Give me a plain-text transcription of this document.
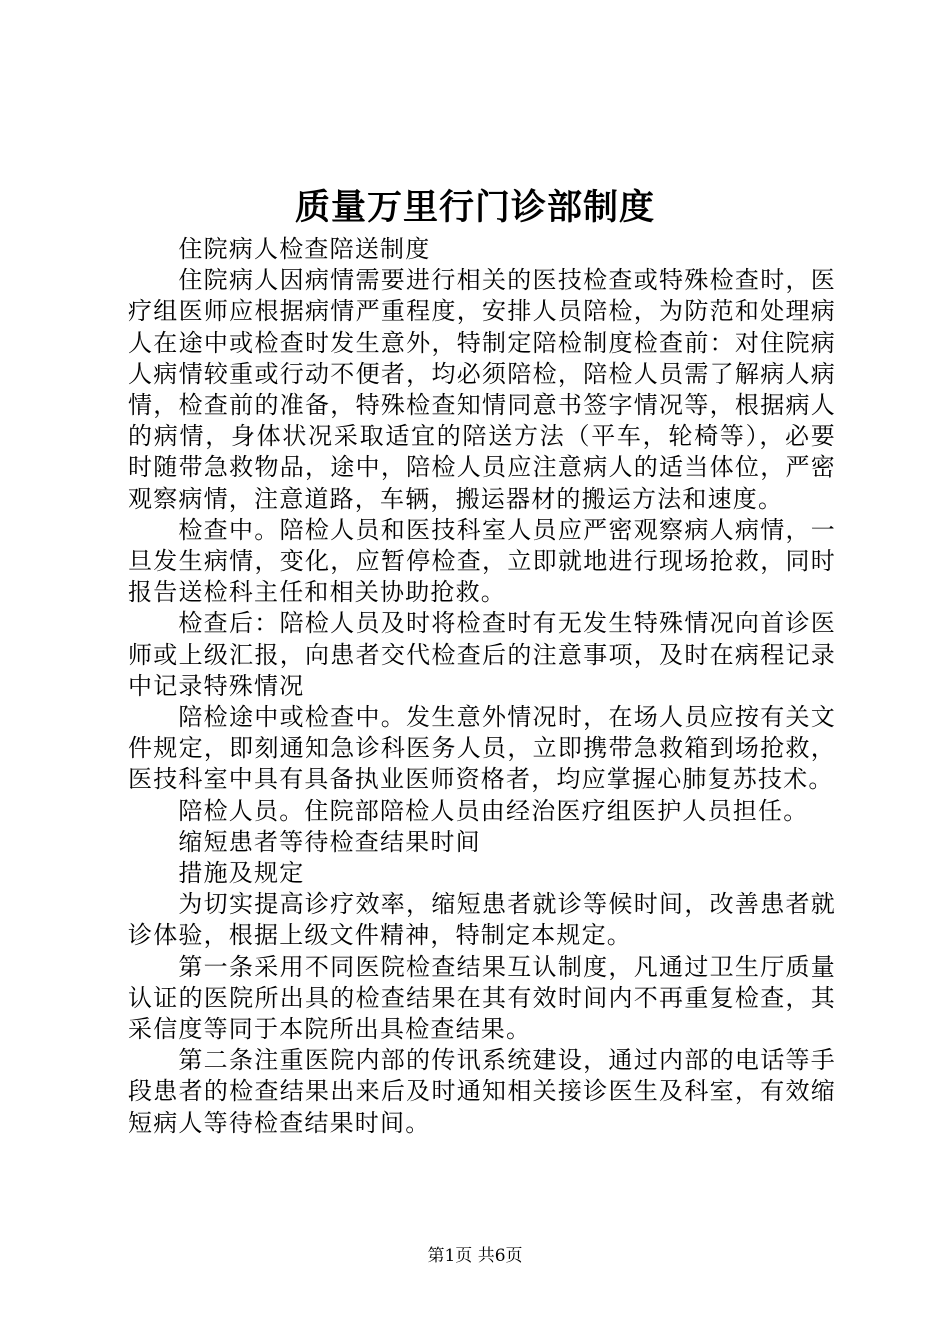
质量万里行门诊部制度

住院病人检查陪送制度

住院病人因病情需要进行相关的医技检查或特殊检查时，医疗组医师应根据病情严重程度，安排人员陪检，为防范和处理病人在途中或检查时发生意外，特制定陪检制度检查前：对住院病人病情较重或行动不便者，均必须陪检，陪检人员需了解病人病情，检查前的准备，特殊检查知情同意书签字情况等，根据病人的病情，身体状况采取适宜的陪送方法（平车，轮椅等），必要时随带急救物品，途中，陪检人员应注意病人的适当体位，严密观察病情，注意道路，车辆，搬运器材的搬运方法和速度。

检查中。陪检人员和医技科室人员应严密观察病人病情，一旦发生病情，变化，应暂停检查，立即就地进行现场抢救，同时报告送检科主任和相关协助抢救。

检查后：陪检人员及时将检查时有无发生特殊情况向首诊医师或上级汇报，向患者交代检查后的注意事项，及时在病程记录中记录特殊情况

陪检途中或检查中。发生意外情况时，在场人员应按有关文件规定，即刻通知急诊科医务人员，立即携带急救箱到场抢救，医技科室中具有具备执业医师资格者，均应掌握心肺复苏技术。

陪检人员。住院部陪检人员由经治医疗组医护人员担任。

缩短患者等待检查结果时间

措施及规定

为切实提高诊疗效率，缩短患者就诊等候时间，改善患者就诊体验，根据上级文件精神，特制定本规定。

第一条采用不同医院检查结果互认制度，凡通过卫生厅质量认证的医院所出具的检查结果在其有效时间内不再重复检查，其采信度等同于本院所出具检查结果。

第二条注重医院内部的传讯系统建设，通过内部的电话等手段患者的检查结果出来后及时通知相关接诊医生及科室，有效缩短病人等待检查结果时间。

第1页 共6页
